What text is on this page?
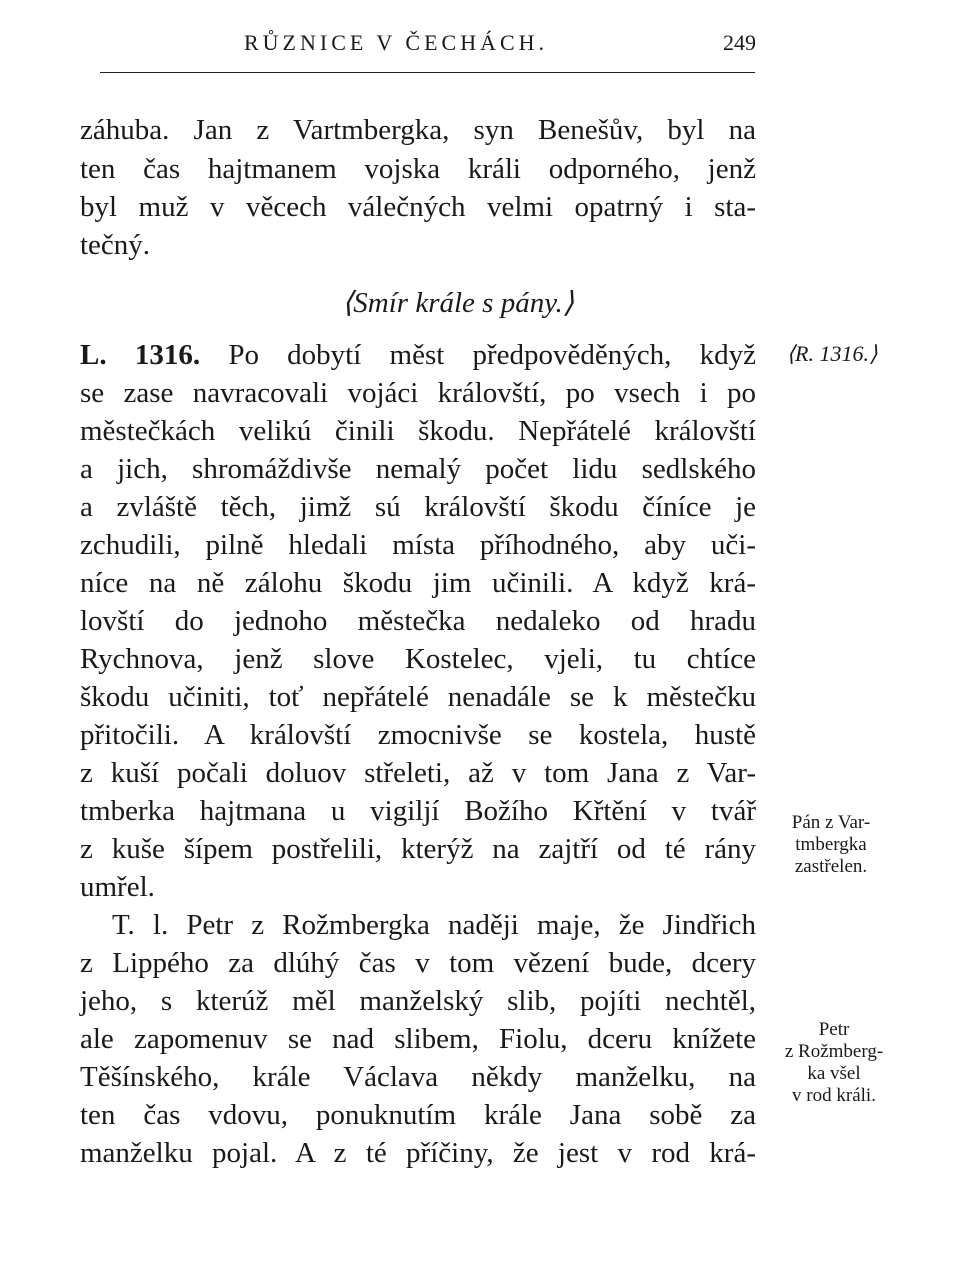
RŮZNICE V ČECHÁCH.	249
záhuba. Jan z Vartmbergka, syn Benešův, byl na
ten čas hajtmanem vojska králi odporného, jenž
byl muž v věcech válečných velmi opatrný i sta-
tečný.
⟨Smír krále s pány.⟩
L. 1316. Po dobytí měst předpověděných, když
se zase navracovali vojáci královští, po vsech i po
městečkách velikú činili škodu. Nepřátelé královští
a jich, shromáždivše nemalý počet lidu sedlského
a zvláště těch, jimž sú královští škodu číníce je
zchudili, pilně hledali místa příhodného, aby uči-
níce na ně zálohu škodu jim učinili. A když krá-
lovští do jednoho městečka nedaleko od hradu
Rychnova, jenž slove Kostelec, vjeli, tu chtíce
škodu učiniti, toť nepřátelé nenadále se k městečku
přitočili. A královští zmocnivše se kostela, hustě
z kuší počali doluov střeleti, až v tom Jana z Var-
tmberka hajtmana u vigiljí Božího Křtění v tvář
z kuše šípem postřelili, kterýž na zajtří od té rány
umřel.
T. l. Petr z Rožmbergka naději maje, že Jindřich
z Lippého za dlúhý čas v tom vězení bude, dcery
jeho, s kterúž měl manželský slib, pojíti nechtěl,
ale zapomenuv se nad slibem, Fiolu, dceru knížete
Těšínského, krále Václava někdy manželku, na
ten čas vdovu, ponuknutím krále Jana sobě za
manželku pojal. A z té příčiny, že jest v rod krá-
⟨R. 1316.⟩
Pán z Var-
tmbergka
zastřelen.
Petr
z Rožmberg-
ka všel
v rod králi.
